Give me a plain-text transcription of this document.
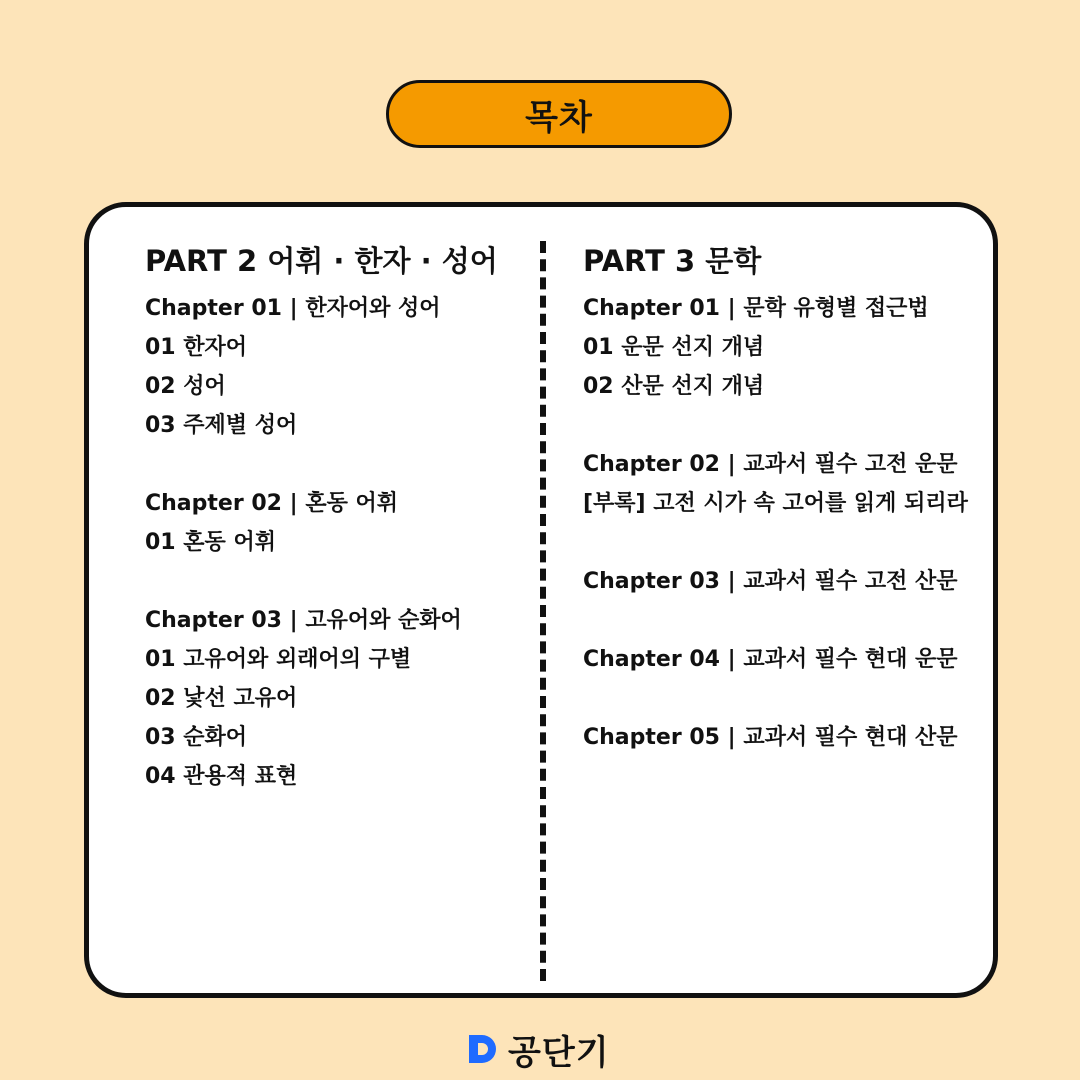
목차
PART 2 어휘 · 한자 · 성어
Chapter 01 | 한자어와 성어
01 한자어
02 성어
03 주제별 성어
Chapter 02 | 혼동 어휘
01 혼동 어휘
Chapter 03 | 고유어와 순화어
01 고유어와 외래어의 구별
02 낯선 고유어
03 순화어
04 관용적 표현
PART 3 문학
Chapter 01 | 문학 유형별 접근법
01 운문 선지 개념
02 산문 선지 개념
Chapter 02 | 교과서 필수 고전 운문
[부록] 고전 시가 속 고어를 읽게 되리라
Chapter 03 | 교과서 필수 고전 산문
Chapter 04 | 교과서 필수 현대 운문
Chapter 05 | 교과서 필수 현대 산문
공단기
